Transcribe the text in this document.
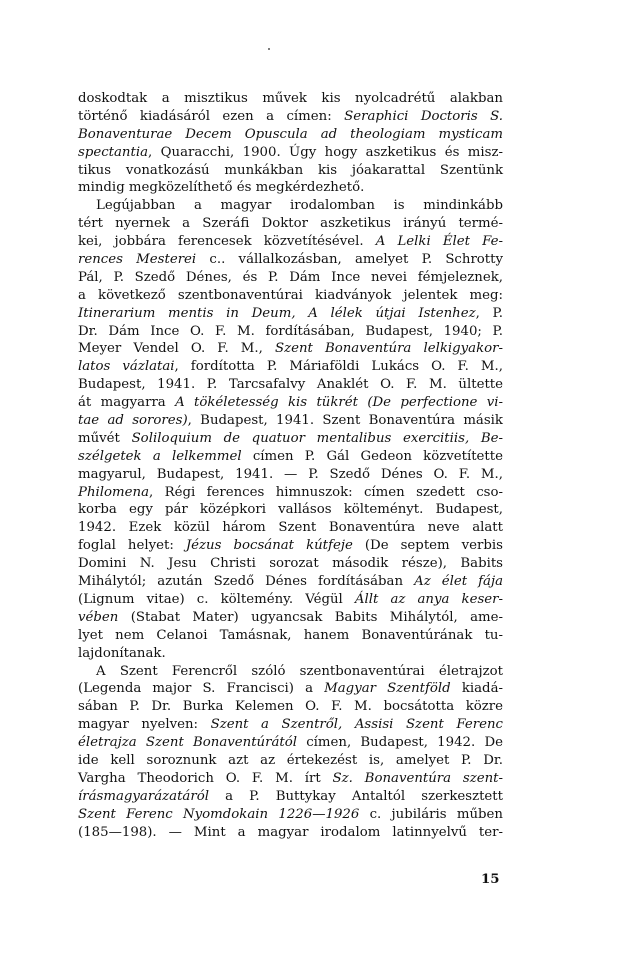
doskodtak a misztikus művek kis nyolcadrétű alakban
történő kiadásáról ezen a címen: Seraphici Doctoris S.
Bonaventurae Decem Opuscula ad theologiam mysticam
spectantia, Quaracchi, 1900. Úgy hogy aszketikus és misz-
tikus vonatkozású munkákban kis jóakarattal Szentünk
mindig megközelíthető és megkérdezhető.
Legújabban a magyar irodalomban is mindinkább
tért nyernek a Szeráfi Doktor aszketikus irányú termé-
kei, jobbára ferencesek közvetítésével. A Lelki Élet Fe-
rences Mesterei c.. vállalkozásban, amelyet P. Schrotty
Pál, P. Szedő Dénes, és P. Dám Ince nevei fémjeleznek,
a következő szentbonaventúrai kiadványok jelentek meg:
Itinerarium mentis in Deum, A lélek útjai Istenhez, P.
Dr. Dám Ince O. F. M. fordításában, Budapest, 1940; P.
Meyer Vendel O. F. M., Szent Bonaventúra lelkigyakor-
latos vázlatai, fordította P. Máriaföldi Lukács O. F. M.,
Budapest, 1941. P. Tarcsafalvy Anaklét O. F. M. ültette
át magyarra A tökéletesség kis tükrét (De perfectione vi-
tae ad sorores), Budapest, 1941. Szent Bonaventúra másik
művét Soliloquium de quatuor mentalibus exercitiis, Be-
szélgetek a lelkemmel címen P. Gál Gedeon közvetítette
magyarul, Budapest, 1941. — P. Szedő Dénes O. F. M.,
Philomena, Régi ferences himnuszok: címen szedett cso-
korba egy pár középkori vallásos költeményt. Budapest,
1942. Ezek közül három Szent Bonaventúra neve alatt
foglal helyet: Jézus bocsánat kútfeje (De septem verbis
Domini N. Jesu Christi sorozat második része), Babits
Mihálytól; azután Szedő Dénes fordításában Az élet fája
(Lignum vitae) c. költemény. Végül Állt az anya keser-
vében (Stabat Mater) ugyancsak Babits Mihálytól, ame-
lyet nem Celanoi Tamásnak, hanem Bonaventúrának tu-
lajdonítanak.
A Szent Ferencről szóló szentbonaventúrai életrajzot
(Legenda major S. Francisci) a Magyar Szentföld kiadá-
sában P. Dr. Burka Kelemen O. F. M. bocsátotta közre
magyar nyelven: Szent a Szentről, Assisi Szent Ferenc
életrajza Szent Bonaventúrától címen, Budapest, 1942. De
ide kell soroznunk azt az értekezést is, amelyet P. Dr.
Vargha Theodorich O. F. M. írt Sz. Bonaventúra szent-
írásmagyarázatáról a P. Buttykay Antaltól szerkesztett
Szent Ferenc Nyomdokain 1226—1926 c. jubiláris műben
(185—198). — Mint a magyar irodalom latinnyelvű ter-
15
